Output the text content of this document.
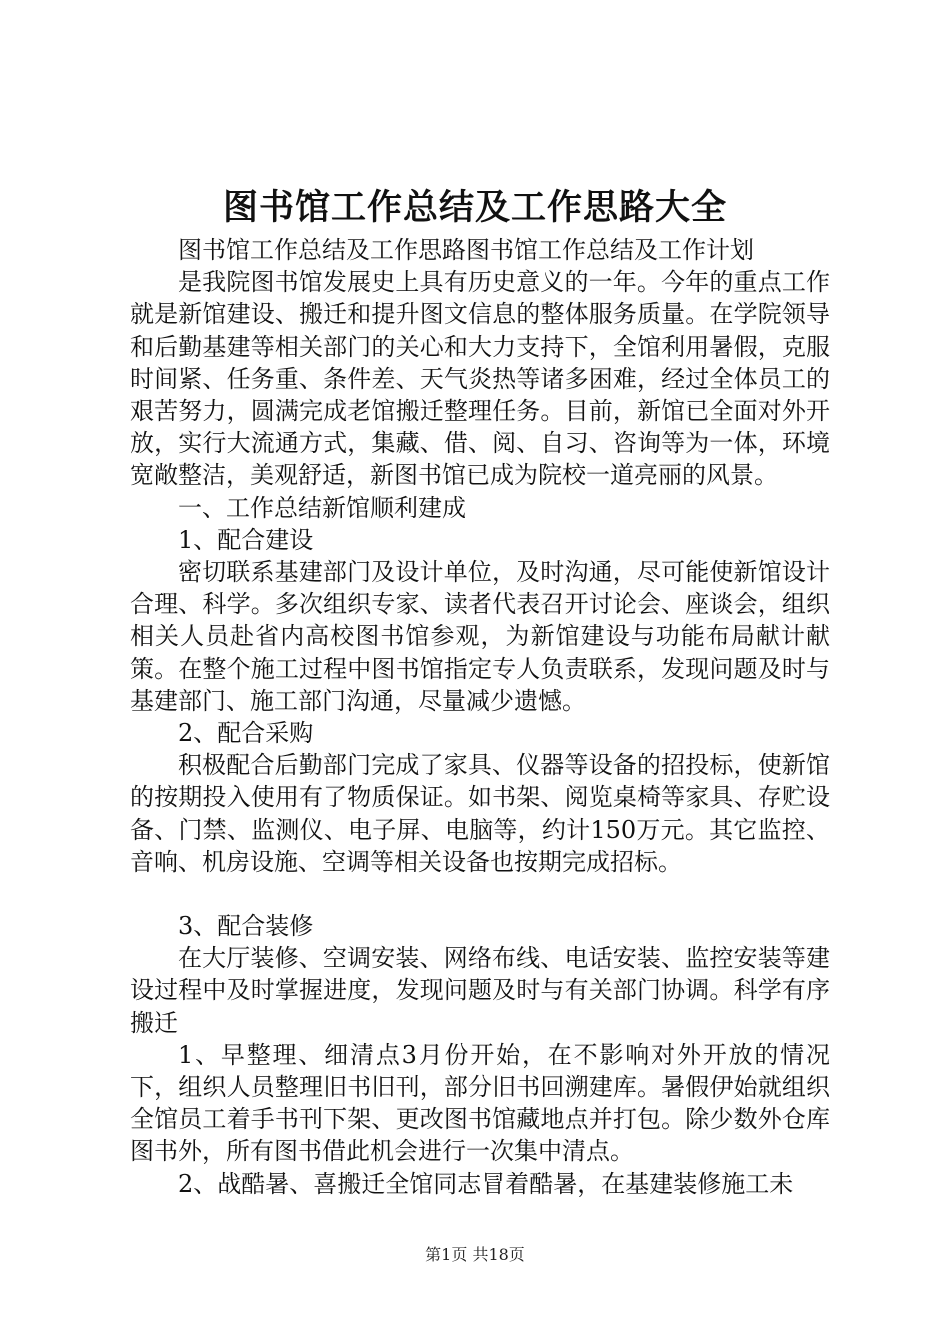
图书馆工作总结及工作思路大全

图书馆工作总结及工作思路图书馆工作总结及工作计划

是我院图书馆发展史上具有历史意义的一年。今年的重点工作就是新馆建设、搬迁和提升图文信息的整体服务质量。在学院领导和后勤基建等相关部门的关心和大力支持下，全馆利用暑假，克服时间紧、任务重、条件差、天气炎热等诸多困难，经过全体员工的艰苦努力，圆满完成老馆搬迁整理任务。目前，新馆已全面对外开放，实行大流通方式，集藏、借、阅、自习、咨询等为一体，环境宽敞整洁，美观舒适，新图书馆已成为院校一道亮丽的风景。

一、工作总结新馆顺利建成

1、配合建设

密切联系基建部门及设计单位，及时沟通，尽可能使新馆设计合理、科学。多次组织专家、读者代表召开讨论会、座谈会，组织相关人员赴省内高校图书馆参观，为新馆建设与功能布局献计献策。在整个施工过程中图书馆指定专人负责联系，发现问题及时与基建部门、施工部门沟通，尽量减少遗憾。

2、配合采购

积极配合后勤部门完成了家具、仪器等设备的招投标，使新馆的按期投入使用有了物质保证。如书架、阅览桌椅等家具、存贮设备、门禁、监测仪、电子屏、电脑等，约计150万元。其它监控、音响、机房设施、空调等相关设备也按期完成招标。

3、配合装修

在大厅装修、空调安装、网络布线、电话安装、监控安装等建设过程中及时掌握进度，发现问题及时与有关部门协调。科学有序搬迁

1、早整理、细清点3月份开始，在不影响对外开放的情况下，组织人员整理旧书旧刊，部分旧书回溯建库。暑假伊始就组织全馆员工着手书刊下架、更改图书馆藏地点并打包。除少数外仓库图书外，所有图书借此机会进行一次集中清点。

2、战酷暑、喜搬迁全馆同志冒着酷暑，在基建装修施工未

第1页 共18页
